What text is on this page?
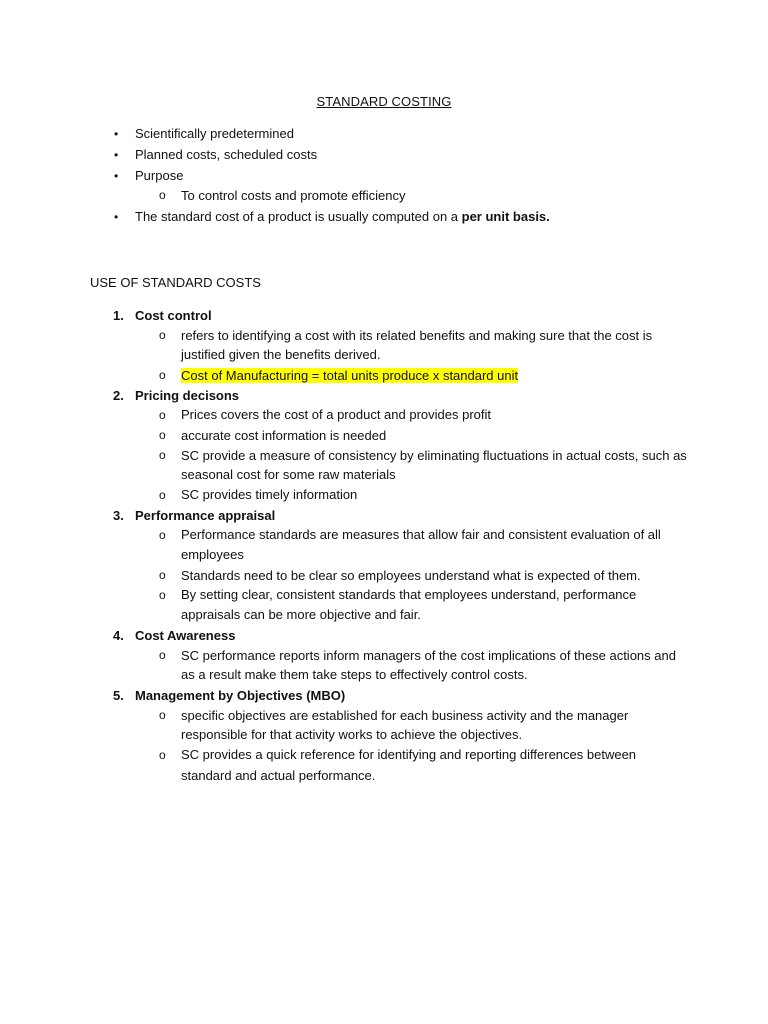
STANDARD COSTING
• Scientifically predetermined
• Planned costs, scheduled costs
• Purpose
o To control costs and promote efficiency
• The standard cost of a product is usually computed on a per unit basis.
USE OF STANDARD COSTS
1. Cost control
o refers to identifying a cost with its related benefits and making sure that the cost is
justified given the benefits derived.
o Cost of Manufacturing = total units produce x standard unit
2. Pricing decisons
o Prices covers the cost of a product and provides profit
o accurate cost information is needed
o SC provide a measure of consistency by eliminating fluctuations in actual costs, such as
seasonal cost for some raw materials
o SC provides timely information
3. Performance appraisal
o Performance standards are measures that allow fair and consistent evaluation of all
employees
o Standards need to be clear so employees understand what is expected of them.
o By setting clear, consistent standards that employees understand, performance
appraisals can be more objective and fair.
4. Cost Awareness
o SC performance reports inform managers of the cost implications of these actions and
as a result make them take steps to effectively control costs.
5. Management by Objectives (MBO)
o specific objectives are established for each business activity and the manager
responsible for that activity works to achieve the objectives.
o SC provides a quick reference for identifying and reporting differences between
standard and actual performance.
